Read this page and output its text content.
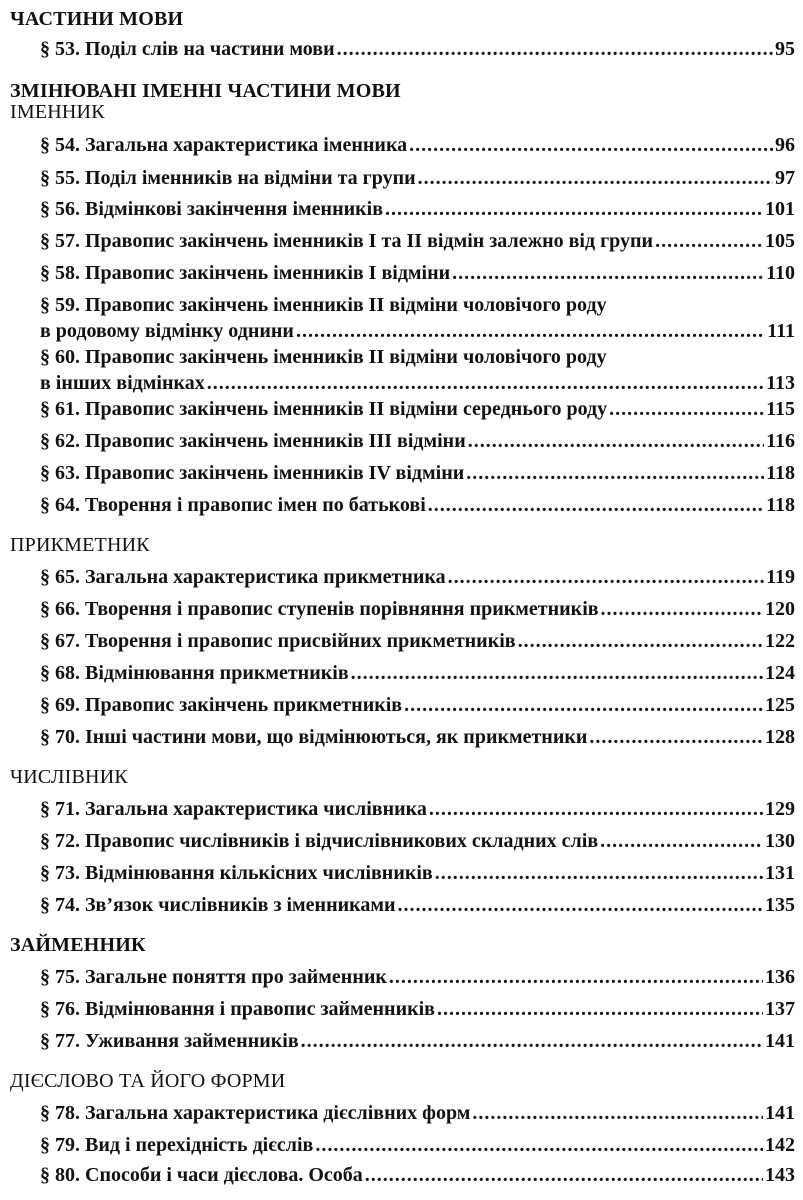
ЧАСТИНИ МОВИ
§ 53. Поділ слів на частини мови .....	95
ЗМІНЮВАНІ ІМЕННІ ЧАСТИНИ МОВИ
ІМЕННИК
§ 54. Загальна характеристика іменника .....	96
§ 55. Поділ іменників на відміни та групи .....	97
§ 56. Відмінкові закінчення іменників .....	101
§ 57. Правопис закінчень іменників І та ІІ відмін залежно від групи .....	105
§ 58. Правопис закінчень іменників І відміни .....	110
§ 59. Правопис закінчень іменників ІІ відміни чоловічого роду
в родовому відмінку однини .....	111
§ 60. Правопис закінчень іменників ІІ відміни чоловічого роду
в інших відмінках .....	113
§ 61. Правопис закінчень іменників ІІ відміни середнього роду .....	115
§ 62. Правопис закінчень іменників ІІІ відміни .....	116
§ 63. Правопис закінчень іменників IV відміни .....	118
§ 64. Творення і правопис імен по батькові .....	118
ПРИКМЕТНИК
§ 65. Загальна характеристика прикметника .....	119
§ 66. Творення і правопис ступенів порівняння прикметників .....	120
§ 67. Творення і правопис присвійних прикметників .....	122
§ 68. Відмінювання прикметників .....	124
§ 69. Правопис закінчень прикметників .....	125
§ 70. Інші частини мови, що відмінюються, як прикметники .....	128
ЧИСЛІВНИК
§ 71. Загальна характеристика числівника .....	129
§ 72. Правопис числівників і відчислівникових складних слів .....	130
§ 73. Відмінювання кількісних числівників .....	131
§ 74. Зв’язок числівників з іменниками .....	135
ЗАЙМЕННИК
§ 75. Загальне поняття про займенник .....	136
§ 76. Відмінювання і правопис займенників .....	137
§ 77. Уживання займенників .....	141
ДІЄСЛОВО ТА ЙОГО ФОРМИ
§ 78. Загальна характеристика дієслівних форм .....	141
§ 79. Вид і перехідність дієслів .....	142
§ 80. Способи і часи дієслова. Особа .....	143
